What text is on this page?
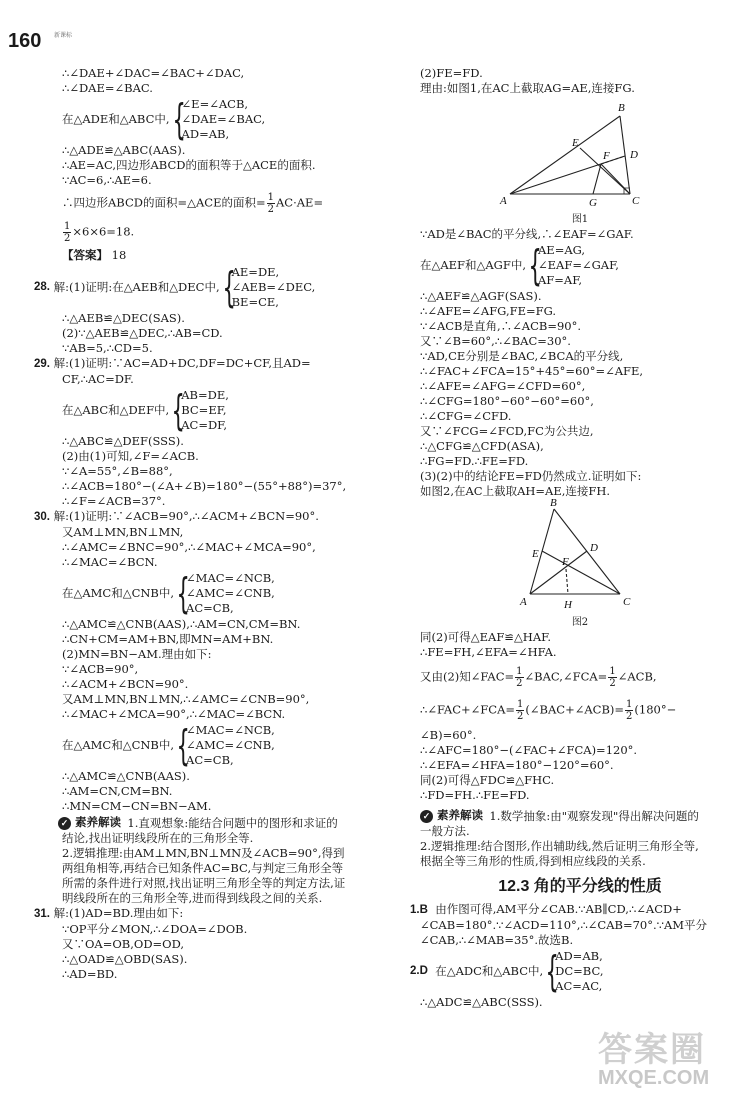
160 新课标
∴∠DAE+∠DAC=∠BAC+∠DAC,
∴∠DAE=∠BAC.
在△ADE和△ABC中, {
∠E=∠ACB,
∠DAE=∠BAC,
AD=AB,
∴△ADE≌△ABC(AAS).
∴AE=AC,四边形ABCD的面积等于△ACE的面积.
∵AC=6,∴AE=6.
∴四边形ABCD的面积=△ACE的面积= $\frac{1}{2} AC\cdot AE=$
$\frac{1}{2} \times 6\times 6=18$.
【答案】 18
28.
解:(1)证明:在△AEB和△DEC中, {
AE=DE,
∠AEB=∠DEC,
BE=CE,
∴△AEB≌△DEC(SAS).
(2)∵△AEB≌△DEC,∴AB=CD.
∵AB=5,∴CD=5.
29. 解:(1)证明:∵AC=AD+DC,DF=DC+CF,且AD=
CF,∴AC=DF.
在△ABC和△DEF中, {
AB=DE,
BC=EF,
AC=DF,
∴△ABC≌△DEF(SSS).
(2)由(1)可知,∠F=∠ACB.
∵∠A=55°,∠B=88°,
∴∠ACB=180°−(∠A+∠B)=180°−(55°+88°)=37°,
∴∠F=∠ACB=37°.
30. 解:(1)证明:∵∠ACB=90°,∴∠ACM+∠BCN=90°.
又AM⊥MN,BN⊥MN,
∴∠AMC=∠BNC=90°,∴∠MAC+∠MCA=90°,
∴∠MAC=∠BCN.
在△AMC和△CNB中, {
∠MAC=∠NCB,
∠AMC=∠CNB,
AC=CB,
∴△AMC≌△CNB(AAS),∴AM=CN,CM=BN.
∴CN+CM=AM+BN,即MN=AM+BN.
(2)MN=BN−AM.理由如下:
∵∠ACB=90°,
∴∠ACM+∠BCN=90°.
又AM⊥MN,BN⊥MN,∴∠AMC=∠CNB=90°,
∴∠MAC+∠MCA=90°,∴∠MAC=∠BCN.
在△AMC和△CNB中, {
∠MAC=∠NCB,
∠AMC=∠CNB,
AC=CB,
∴△AMC≌△CNB(AAS).
∴AM=CN,CM=BN.
∴MN=CM−CN=BN−AM.
✓ 素养解读
1.直观想象:能结合问题中的图形和求证的
结论,找出证明线段所在的三角形全等.
2.逻辑推理:由AM⊥MN,BN⊥MN及∠ACB=90°,得到
两组角相等,再结合已知条件AC=BC,与判定三角形全等
所需的条件进行对照,找出证明三角形全等的判定方法,证
明线段所在的三角形全等,进而得到线段之间的关系.
31. 解:(1)AD=BD.理由如下:
∵OP平分∠MON,∴∠DOA=∠DOB.
又∵OA=OB,OD=OD,
∴△OAD≌△OBD(SAS).
∴AD=BD.
(2)FE=FD.
理由:如图1,在AC上截取AG=AE,连接FG.
A
B
C
D
E
F
G
图1
∵AD是∠BAC的平分线,∴∠EAF=∠GAF.
在△AEF和△AGF中, {
AE=AG,
∠EAF=∠GAF,
AF=AF,
∴△AEF≌△AGF(SAS).
∴∠AFE=∠AFG,FE=FG.
∵∠ACB是直角,∴∠ACB=90°.
又∵∠B=60°,∴∠BAC=30°.
∵AD,CE分别是∠BAC,∠BCA的平分线,
∴∠FAC+∠FCA=15°+45°=60°=∠AFE,
∴∠AFE=∠AFG=∠CFD=60°,
∴∠CFG=180°−60°−60°=60°,
∴∠CFG=∠CFD.
又∵∠FCG=∠FCD,FC为公共边,
∴△CFG≌△CFD(ASA),
∴FG=FD.∴FE=FD.
(3)(2)中的结论FE=FD仍然成立.证明如下:
如图2,在AC上截取AH=AE,连接FH.
A
B
C
D
E
F
H
图2
同(2)可得△EAF≌△HAF.
∴FE=FH,∠EFA=∠HFA.
又由(2)知∠FAC= $\frac{1}{2}$ ∠BAC,∠FCA= $\frac{1}{2}$ ∠ACB,
∴∠FAC+∠FCA= $\frac{1}{2}$ (∠BAC+∠ACB)= $\frac{1}{2} (180^\circ-$
∠B)=60°.
∴∠AFC=180°−(∠FAC+∠FCA)=120°.
∴∠EFA=∠HFA=180°−120°=60°.
同(2)可得△FDC≌△FHC.
∴FD=FH.∴FE=FD.
✓ 素养解读
1.数学抽象:由"观察发现"得出解决问题的
一般方法.
2.逻辑推理:结合图形,作出辅助线,然后证明三角形全等,
根据全等三角形的性质,得到相应线段的关系.
12.3 角的平分线的性质
1.B 由作图可得,AM平分∠CAB.∵AB∥CD,∴∠ACD+
∠CAB=180°.∵∠ACD=110°,∴∠CAB=70°.∵AM平分
∠CAB,∴∠MAB=35°.故选B.
2.D
在△ADC和△ABC中, {
AD=AB,
DC=BC,
AC=AC,
∴△ADC≌△ABC(SSS).
答案圈
MXQE.COM
